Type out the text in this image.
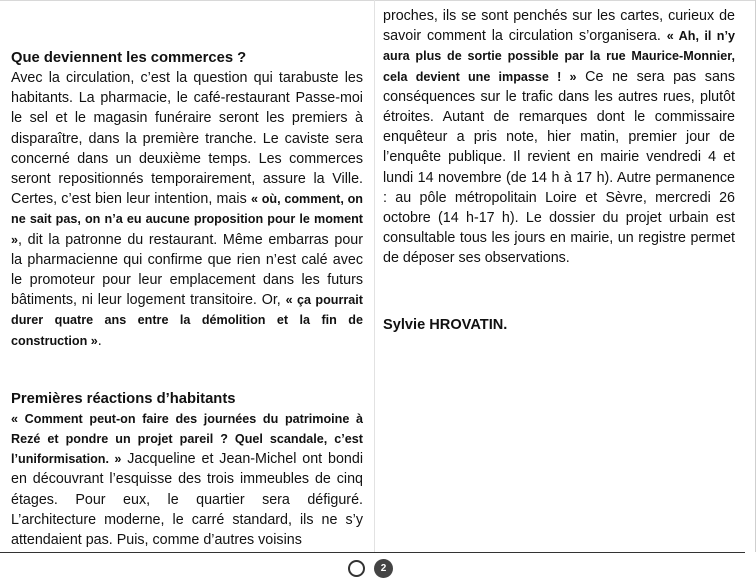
Que deviennent les commerces ?

Avec la circulation, c’est la question qui tarabuste les habitants. La pharmacie, le café-restaurant Passe-moi le sel et le magasin funéraire seront les premiers à disparaître, dans la première tranche. Le caviste sera concerné dans un deuxième temps. Les commerces seront repositionnés temporairement, assure la Ville. Certes, c’est bien leur intention, mais « où, comment, on ne sait pas, on n’a eu aucune proposition pour le moment », dit la patronne du restaurant. Même embarras pour la pharmacienne qui confirme que rien n’est calé avec le promoteur pour leur emplacement dans les futurs bâtiments, ni leur logement transitoire. Or, « ça pourrait durer quatre ans entre la démolition et la fin de construction ».

Premières réactions d’habitants

« Comment peut-on faire des journées du patrimoine à Rezé et pondre un projet pareil ? Quel scandale, c’est l’uniformisation. » Jacqueline et Jean-Michel ont bondi en découvrant l’esquisse des trois immeubles de cinq étages. Pour eux, le quartier sera défiguré. L’architecture moderne, le carré standard, ils ne s’y attendaient pas. Puis, comme d’autres voisins

proches, ils se sont penchés sur les cartes, curieux de savoir comment la circulation s’organisera. « Ah, il n’y aura plus de sortie possible par la rue Maurice-Monnier, cela devient une impasse ! » Ce ne sera pas sans conséquences sur le trafic dans les autres rues, plutôt étroites. Autant de remarques dont le commissaire enquêteur a pris note, hier matin, premier jour de l’enquête publique. Il revient en mairie vendredi 4 et lundi 14 novembre (de 14 h à 17 h). Autre permanence : au pôle métropolitain Loire et Sèvre, mercredi 26 octobre (14 h-17 h). Le dossier du projet urbain est consultable tous les jours en mairie, un registre permet de déposer ses observations.

Sylvie HROVATIN.

2
